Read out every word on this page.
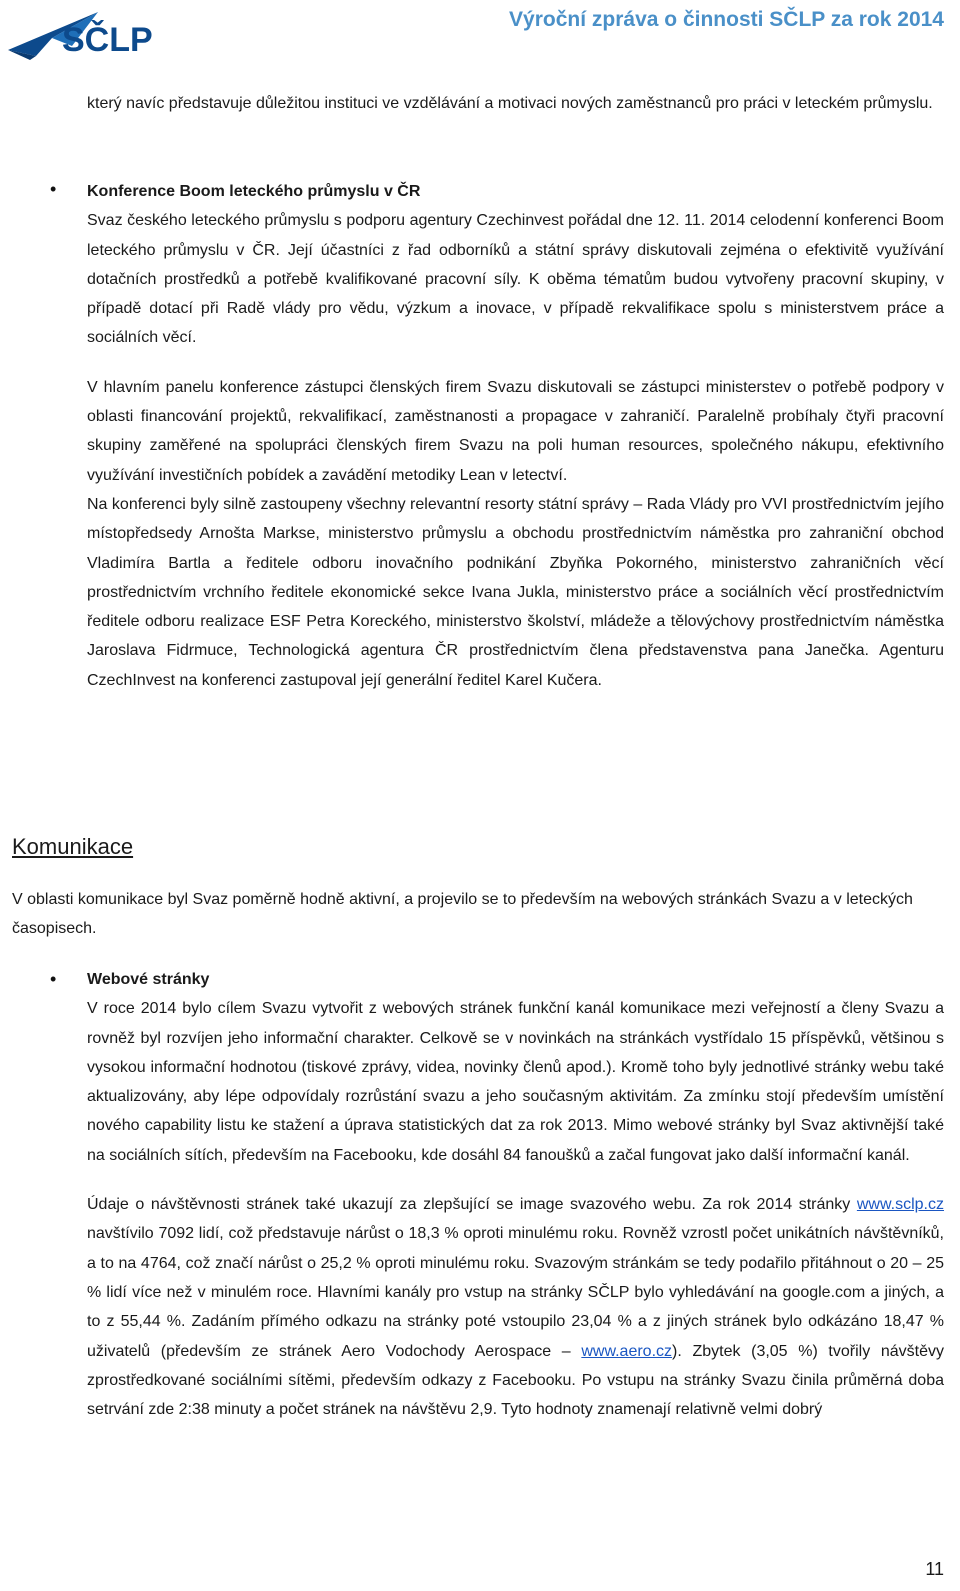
SČLP
Výroční zpráva o činnosti SČLP za rok 2014

který navíc představuje důležitou instituci ve vzdělávání a motivaci nových zaměstnanců pro práci v leteckém průmyslu.

• Konference Boom leteckého průmyslu v ČR

Svaz českého leteckého průmyslu s podporu agentury Czechinvest pořádal dne 12. 11. 2014 celodenní konferenci Boom leteckého průmyslu v ČR. Její účastníci z řad odborníků a státní správy diskutovali zejména o efektivitě využívání dotačních prostředků a potřebě kvalifikované pracovní síly. K oběma tématům budou vytvořeny pracovní skupiny, v případě dotací při Radě vlády pro vědu, výzkum a inovace, v případě rekvalifikace spolu s ministerstvem práce a sociálních věcí.

V hlavním panelu konference zástupci členských firem Svazu diskutovali se zástupci ministerstev o potřebě podpory v oblasti financování projektů, rekvalifikací, zaměstnanosti a propagace v zahraničí. Paralelně probíhaly čtyři pracovní skupiny zaměřené na spolupráci členských firem Svazu na poli human resources, společného nákupu, efektivního využívání investičních pobídek a zavádění metodiky Lean v letectví.

Na konferenci byly silně zastoupeny všechny relevantní resorty státní správy – Rada Vlády pro VVI prostřednictvím jejího místopředsedy Arnošta Markse, ministerstvo průmyslu a obchodu prostřednictvím náměstka pro zahraniční obchod Vladimíra Bartla a ředitele odboru inovačního podnikání Zbyňka Pokorného, ministerstvo zahraničních věcí prostřednictvím vrchního ředitele ekonomické sekce Ivana Jukla, ministerstvo práce a sociálních věcí prostřednictvím ředitele odboru realizace ESF Petra Koreckého, ministerstvo školství, mládeže a tělovýchovy prostřednictvím náměstka Jaroslava Fidrmuce, Technologická agentura ČR prostřednictvím člena představenstva pana Janečka. Agenturu CzechInvest na konferenci zastupoval její generální ředitel Karel Kučera.

Komunikace

V oblasti komunikace byl Svaz poměrně hodně aktivní, a projevilo se to především na webových stránkách Svazu a v leteckých časopisech.

• Webové stránky

V roce 2014 bylo cílem Svazu vytvořit z webových stránek funkční kanál komunikace mezi veřejností a členy Svazu a rovněž byl rozvíjen jeho informační charakter. Celkově se v novinkách na stránkách vystřídalo 15 příspěvků, většinou s vysokou informační hodnotou (tiskové zprávy, videa, novinky členů apod.). Kromě toho byly jednotlivé stránky webu také aktualizovány, aby lépe odpovídaly rozrůstání svazu a jeho současným aktivitám. Za zmínku stojí především umístění nového capability listu ke stažení a úprava statistických dat za rok 2013. Mimo webové stránky byl Svaz aktivnější také na sociálních sítích, především na Facebooku, kde dosáhl 84 fanoušků a začal fungovat jako další informační kanál.

Údaje o návštěvnosti stránek také ukazují za zlepšující se image svazového webu. Za rok 2014 stránky www.sclp.cz navštívilo 7092 lidí, což představuje nárůst o 18,3 % oproti minulému roku. Rovněž vzrostl počet unikátních návštěvníků, a to na 4764, což značí nárůst o 25,2 % oproti minulému roku. Svazovým stránkám se tedy podařilo přitáhnout o 20 – 25 % lidí více než v minulém roce. Hlavními kanály pro vstup na stránky SČLP bylo vyhledávání na google.com a jiných, a to z 55,44 %. Zadáním přímého odkazu na stránky poté vstoupilo 23,04 % a z jiných stránek bylo odkázáno 18,47 % uživatelů (především ze stránek Aero Vodochody Aerospace – www.aero.cz). Zbytek (3,05 %) tvořily návštěvy zprostředkované sociálními sítěmi, především odkazy z Facebooku. Po vstupu na stránky Svazu činila průměrná doba setrvání zde 2:38 minuty a počet stránek na návštěvu 2,9. Tyto hodnoty znamenají relativně velmi dobrý

11
